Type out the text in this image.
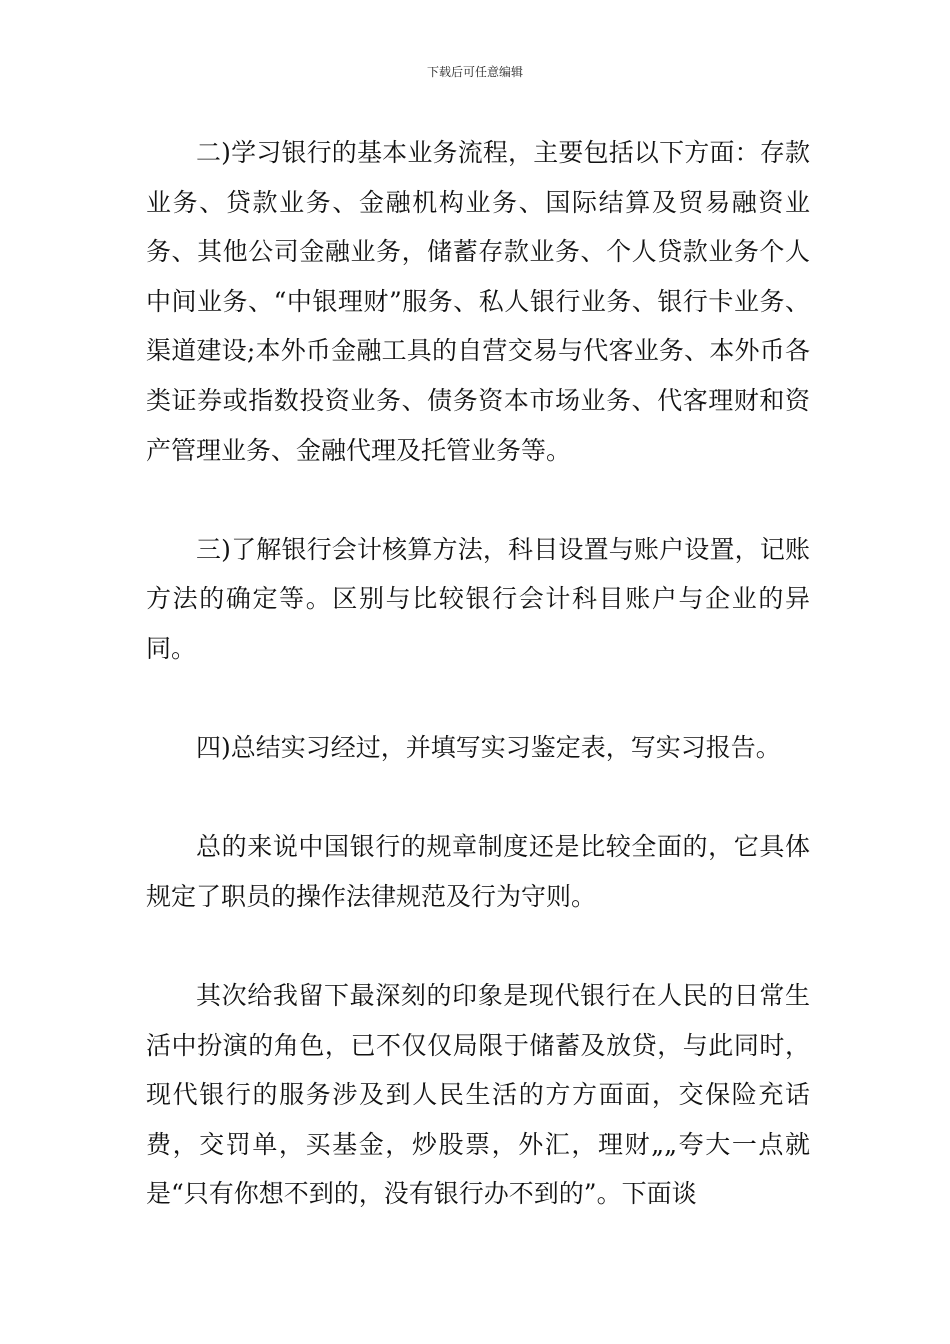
下载后可任意编辑

二)学习银行的基本业务流程，主要包括以下方面：存款业务、贷款业务、金融机构业务、国际结算及贸易融资业务、其他公司金融业务，储蓄存款业务、个人贷款业务个人中间业务、“中银理财”服务、私人银行业务、银行卡业务、渠道建设;本外币金融工具的自营交易与代客业务、本外币各类证券或指数投资业务、债务资本市场业务、代客理财和资产管理业务、金融代理及托管业务等。

三)了解银行会计核算方法，科目设置与账户设置，记账方法的确定等。区别与比较银行会计科目账户与企业的异同。

四)总结实习经过，并填写实习鉴定表，写实习报告。

总的来说中国银行的规章制度还是比较全面的，它具体规定了职员的操作法律规范及行为守则。

其次给我留下最深刻的印象是现代银行在人民的日常生活中扮演的角色，已不仅仅局限于储蓄及放贷，与此同时，现代银行的服务涉及到人民生活的方方面面，交保险充话费，交罚单，买基金，炒股票，外汇，理财„„夸大一点就是“只有你想不到的，没有银行办不到的”。下面谈
